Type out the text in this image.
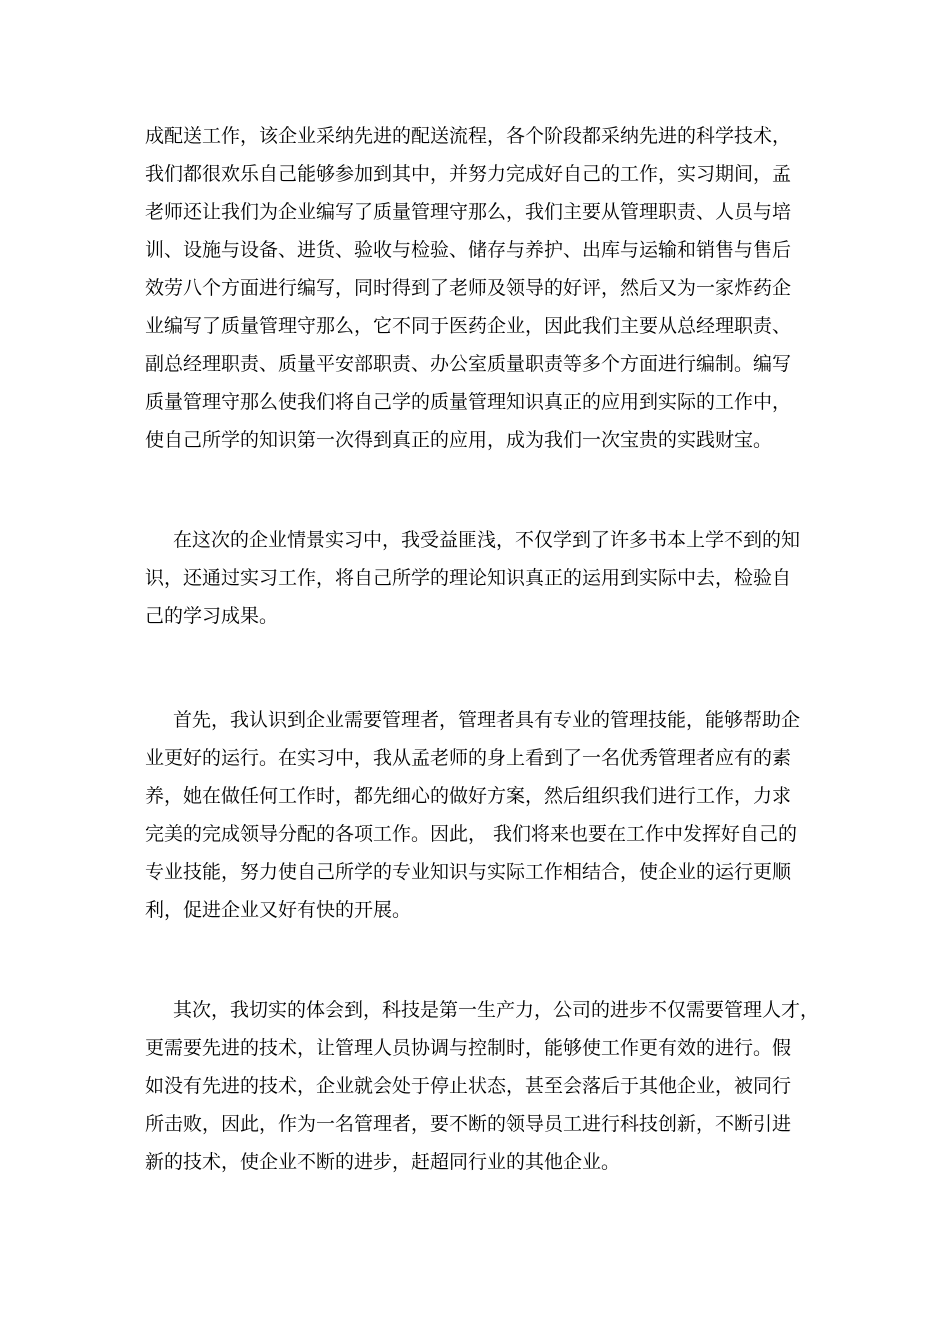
成配送工作，该企业采纳先进的配送流程，各个阶段都采纳先进的科学技术，
我们都很欢乐自己能够参加到其中，并努力完成好自己的工作，实习期间，孟
老师还让我们为企业编写了质量管理守那么，我们主要从管理职责、人员与培
训、设施与设备、进货、验收与检验、储存与养护、出库与运输和销售与售后
效劳八个方面进行编写，同时得到了老师及领导的好评，然后又为一家炸药企
业编写了质量管理守那么，它不同于医药企业，因此我们主要从总经理职责、
副总经理职责、质量平安部职责、办公室质量职责等多个方面进行编制。编写
质量管理守那么使我们将自己学的质量管理知识真正的应用到实际的工作中，
使自己所学的知识第一次得到真正的应用，成为我们一次宝贵的实践财宝。
在这次的企业情景实习中，我受益匪浅，不仅学到了许多书本上学不到的知
识，还通过实习工作，将自己所学的理论知识真正的运用到实际中去，检验自
己的学习成果。
首先，我认识到企业需要管理者，管理者具有专业的管理技能，能够帮助企
业更好的运行。在实习中，我从孟老师的身上看到了一名优秀管理者应有的素
养，她在做任何工作时，都先细心的做好方案，然后组织我们进行工作，力求
完美的完成领导分配的各项工作。因此， 我们将来也要在工作中发挥好自己的
专业技能，努力使自己所学的专业知识与实际工作相结合，使企业的运行更顺
利，促进企业又好有快的开展。
其次，我切实的体会到，科技是第一生产力，公司的进步不仅需要管理人才，
更需要先进的技术，让管理人员协调与控制时，能够使工作更有效的进行。假
如没有先进的技术，企业就会处于停止状态，甚至会落后于其他企业，被同行
所击败，因此，作为一名管理者，要不断的领导员工进行科技创新，不断引进
新的技术，使企业不断的进步，赶超同行业的其他企业。
